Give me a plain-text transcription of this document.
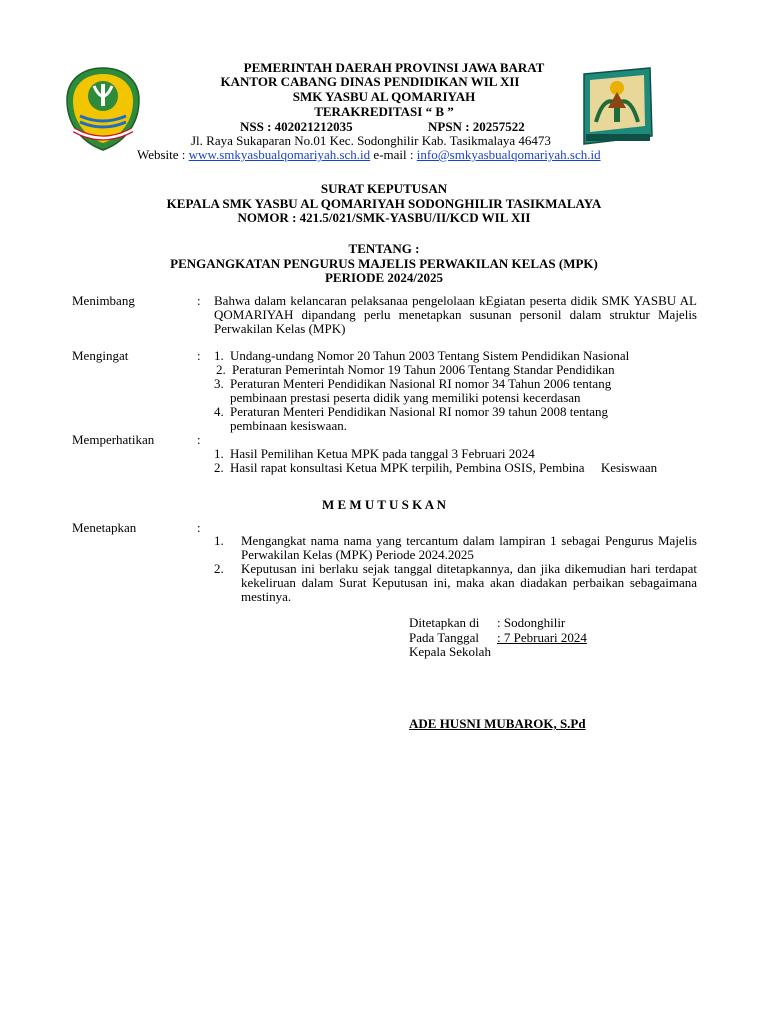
PEMERINTAH DAERAH PROVINSI JAWA BARAT
KANTOR CABANG DINAS PENDIDIKAN WIL XII
SMK YASBU AL QOMARIYAH
TERAKREDITASI “ B ”
NSS : 402021212035	NPSN : 20257522
Jl. Raya Sukaparan No.01 Kec. Sodonghilir Kab. Tasikmalaya 46473
Website : www.smkyasbualqomariyah.sch.id e-mail : info@smkyasbualqomariyah.sch.id
SURAT KEPUTUSAN
KEPALA SMK YASBU AL QOMARIYAH SODONGHILIR TASIKMALAYA
NOMOR : 421.5/021/SMK-YASBU/II/KCD WIL XII
TENTANG :
PENGANGKATAN PENGURUS MAJELIS PERWAKILAN KELAS (MPK)
PERIODE 2024/2025
Menimbang	: Bahwa dalam kelancaran pelaksanaa pengelolaan kEgiatan peserta didik SMK YASBU AL QOMARIYAH dipandang perlu menetapkan susunan personil dalam struktur Majelis Perwakilan Kelas (MPK)
Mengingat	: 1. Undang-undang Nomor 20 Tahun 2003 Tentang Sistem Pendidikan Nasional
2. Peraturan Pemerintah Nomor 19 Tahun 2006 Tentang Standar Pendidikan
3. Peraturan Menteri Pendidikan Nasional RI nomor 34 Tahun 2006 tentang
pembinaan prestasi peserta didik yang memiliki potensi kecerdasan
4. Peraturan Menteri Pendidikan Nasional RI nomor 39 tahun 2008 tentang
pembinaan kesiswaan.
Memperhatikan	:
1. Hasil Pemilihan Ketua MPK pada tanggal 3 Februari 2024
2. Hasil rapat konsultasi Ketua MPK terpilih, Pembina OSIS, Pembina     Kesiswaan
M E M U T U S K A N
Menetapkan	:
1.	Mengangkat nama nama yang tercantum dalam lampiran 1 sebagai Pengurus Majelis Perwakilan Kelas (MPK) Periode 2024.2025
2.	Keputusan ini berlaku sejak tanggal ditetapkannya, dan jika dikemudian hari terdapat kekeliruan dalam Surat Keputusan ini, maka akan diadakan perbaikan sebagaimana mestinya.
Ditetapkan di : Sodonghilir
Pada Tanggal : 7 Pebruari 2024
Kepala Sekolah
ADE HUSNI MUBAROK, S.Pd
